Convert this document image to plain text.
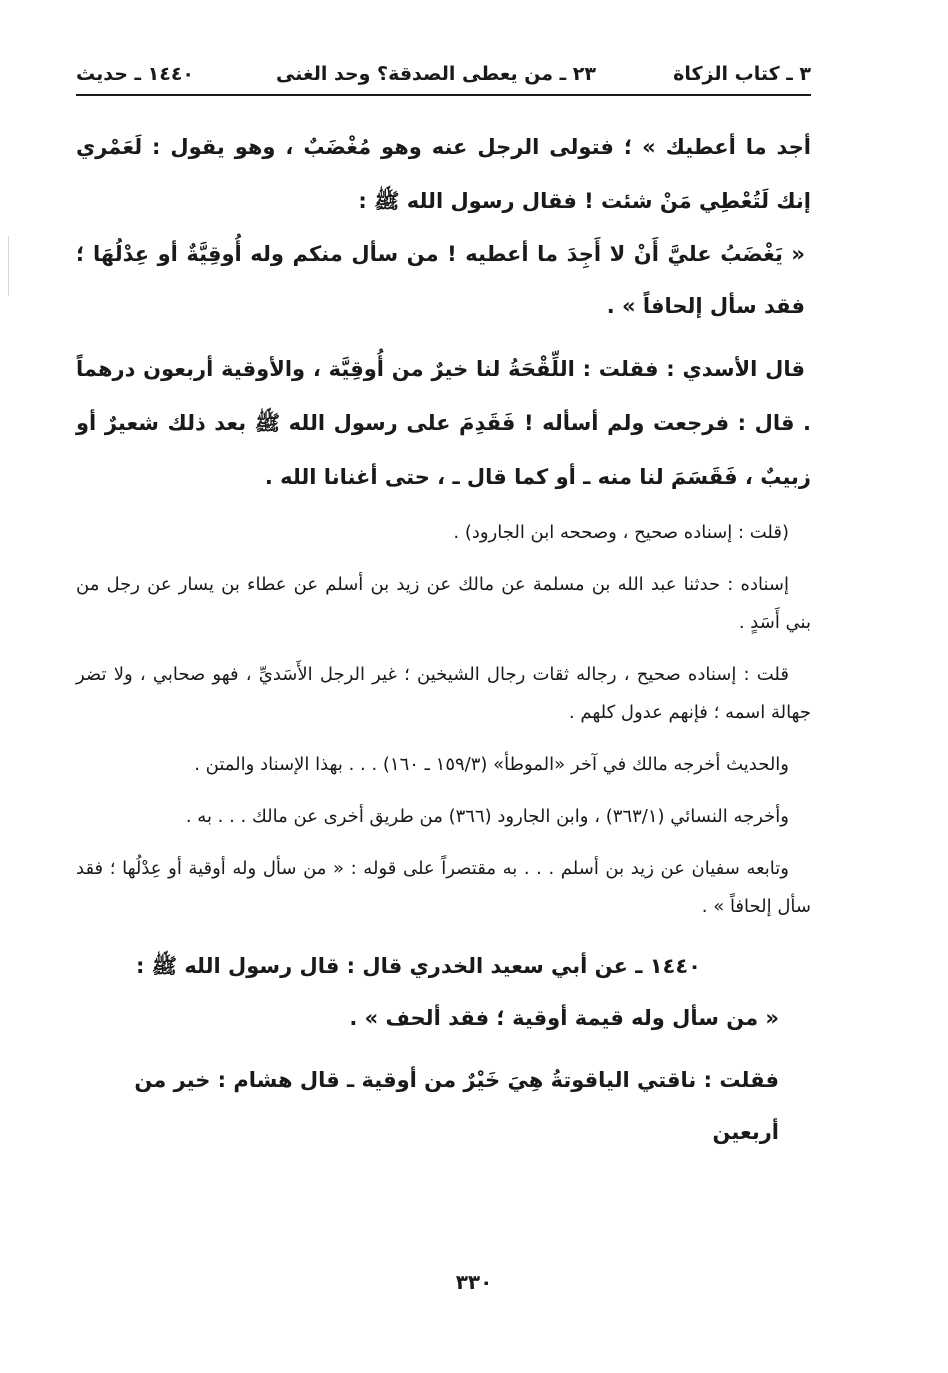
٣ ـ كتاب الزكاة
٢٣ ـ من يعطى الصدقة؟ وحد الغنى
١٤٤٠ ـ حديث

أجد ما أعطيك » ؛ فتولى الرجل عنه وهو مُغْضَبٌ ، وهو يقول : لَعَمْري إنك لَتُعْطِي مَنْ شئت ! فقال رسول الله ﷺ :

« يَغْضَبُ عليَّ أَنْ لا أَجِدَ ما أعطيه ! من سأل منكم وله أُوقِيَّةٌ أو عِدْلُهَا ؛ فقد سأل إلحافاً » .

قال الأسدي : فقلت : اللِّقْحَةُ لنا خيرٌ من أُوقِيَّة ، والأوقية أربعون درهماً . قال : فرجعت ولم أسأله ! فَقَدِمَ على رسول الله ﷺ بعد ذلك شعيرٌ أو زبيبٌ ، فَقَسَمَ لنا منه ـ أو كما قال ـ ، حتى أغنانا الله .

(قلت : إسناده صحيح ، وصححه ابن الجارود) .

إسناده : حدثنا عبد الله بن مسلمة عن مالك عن زيد بن أسلم عن عطاء بن يسار عن رجل من بني أَسَدٍ .

قلت : إسناده صحيح ، رجاله ثقات رجال الشيخين ؛ غير الرجل الأَسَديِّ ، فهو صحابي ، ولا تضر جهالة اسمه ؛ فإنهم عدول كلهم .

والحديث أخرجه مالك في آخر «الموطأ» (١٥٩/٣ ـ ١٦٠) . . . بهذا الإسناد والمتن .

وأخرجه النسائي (٣٦٣/١) ، وابن الجارود (٣٦٦) من طريق أخرى عن مالك . . . به .

وتابعه سفيان عن زيد بن أسلم . . . به مقتصراً على قوله : « من سأل وله أوقية أو عِدْلُها ؛ فقد سأل إلحافاً » .

١٤٤٠ ـ عن أبي سعيد الخدري قال : قال رسول الله ﷺ :

« من سأل وله قيمة أوقية ؛ فقد ألحف » .

فقلت : ناقتي الياقوتةُ هِيَ خَيْرٌ من أوقية ـ قال هشام : خير من أربعين

٣٣٠
